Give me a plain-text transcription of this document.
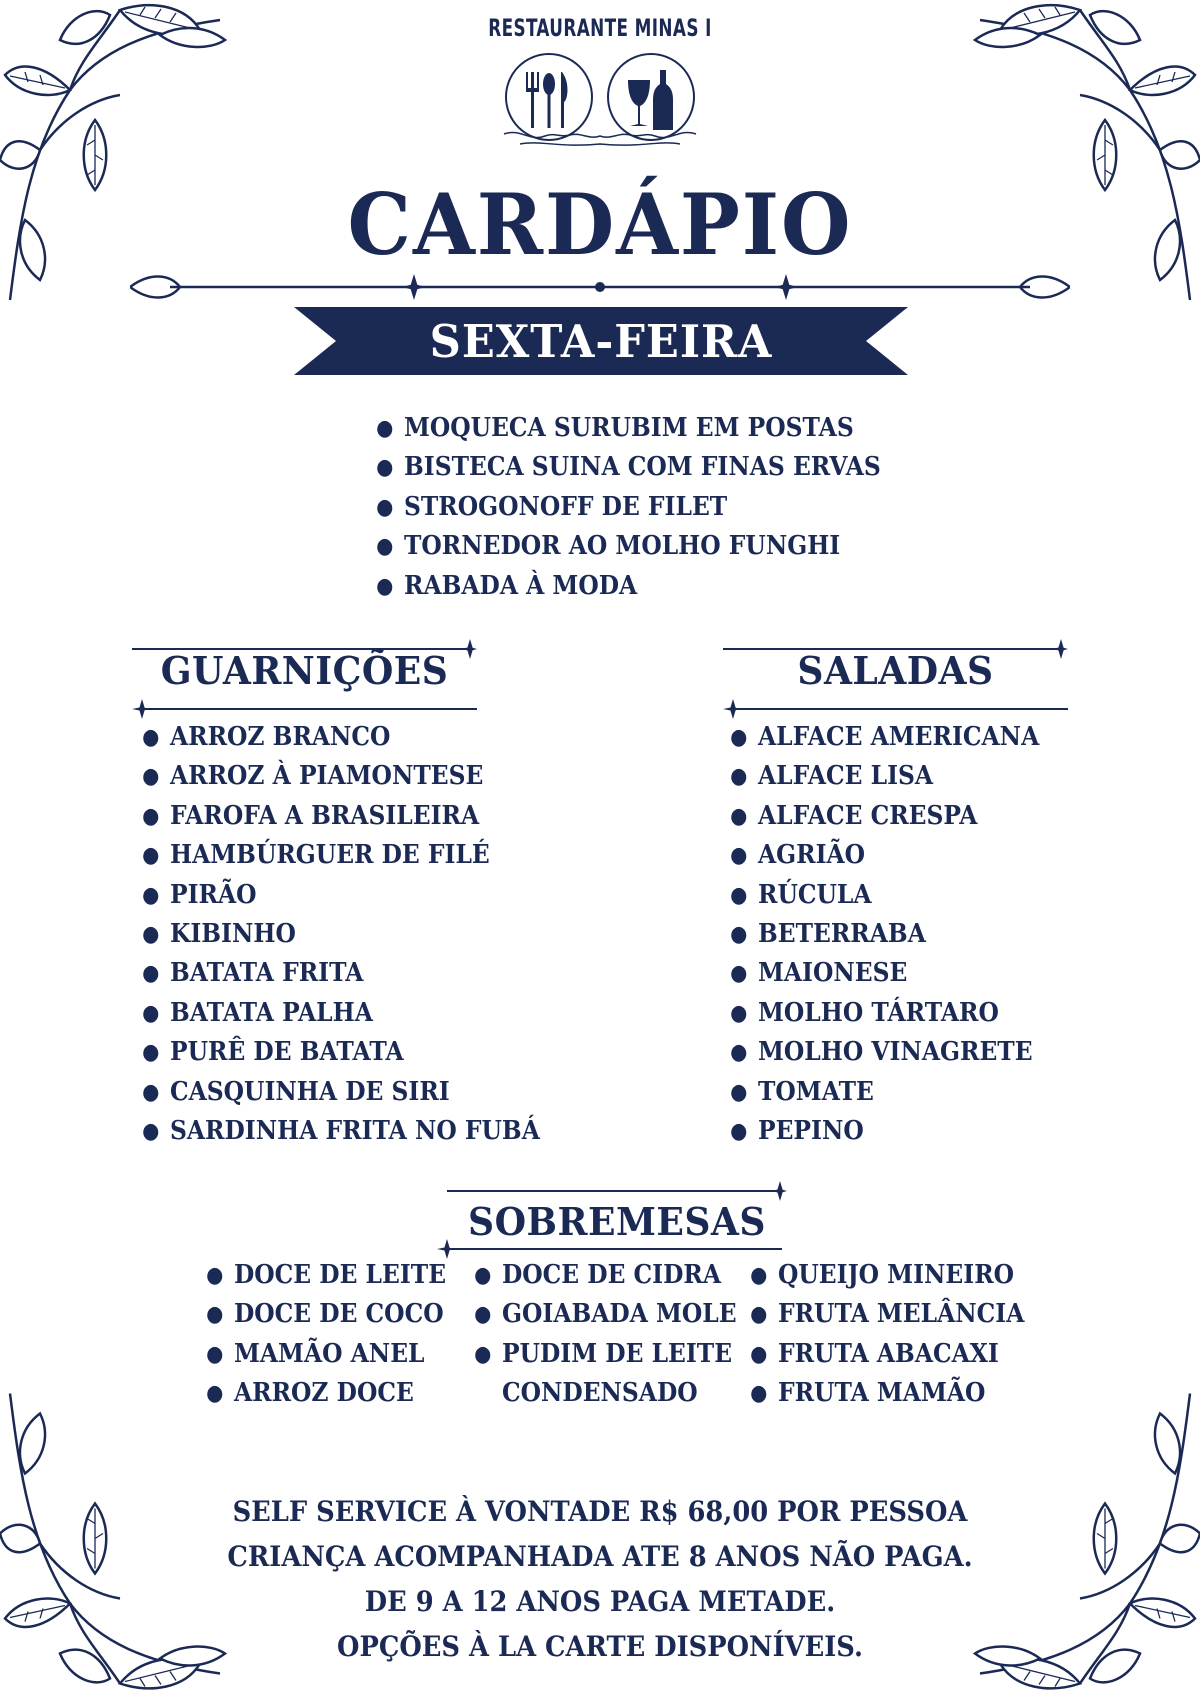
RESTAURANTE MINAS I
CARDÁPIO
SEXTA-FEIRA
● MOQUECA SURUBIM EM POSTAS
● BISTECA SUINA COM FINAS ERVAS
● STROGONOFF DE FILET
● TORNEDOR AO MOLHO FUNGHI
● RABADA À MODA
GUARNIÇÕES	SALADAS
● ARROZ BRANCO
● ARROZ À PIAMONTESE
● FAROFA A BRASILEIRA
● HAMBÚRGUER DE FILÉ
● PIRÃO
● KIBINHO
● BATATA FRITA
● BATATA PALHA
● PURÊ DE BATATA
● CASQUINHA DE SIRI
● SARDINHA FRITA NO FUBÁ
● ALFACE AMERICANA
● ALFACE LISA
● ALFACE CRESPA
● AGRIÃO
● RÚCULA
● BETERRABA
● MAIONESE
● MOLHO TÁRTARO
● MOLHO VINAGRETE
● TOMATE
● PEPINO
SOBREMESAS
● DOCE DE LEITE
● DOCE DE COCO
● MAMÃO ANEL
● ARROZ DOCE
● DOCE DE CIDRA
● GOIABADA MOLE
● PUDIM DE LEITE
CONDENSADO
● QUEIJO MINEIRO
● FRUTA MELÂNCIA
● FRUTA ABACAXI
● FRUTA MAMÃO
SELF SERVICE À VONTADE R$ 68,00 POR PESSOA
CRIANÇA ACOMPANHADA ATE 8 ANOS NÃO PAGA.
DE 9 A 12 ANOS PAGA METADE.
OPÇÕES À LA CARTE DISPONÍVEIS.
